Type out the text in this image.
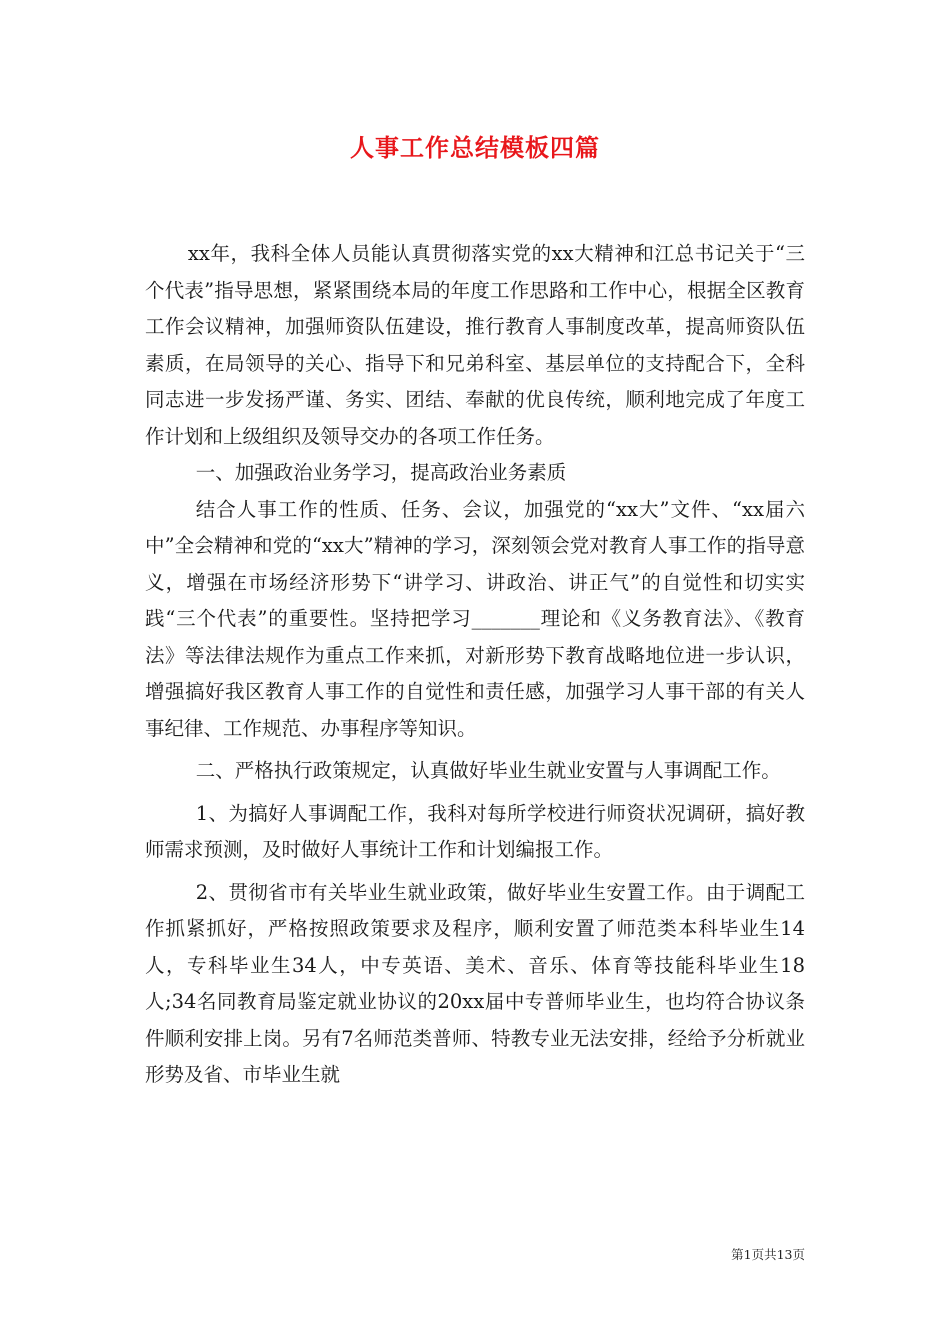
人事工作总结模板四篇

xx年，我科全体人员能认真贯彻落实党的xx大精神和江总书记关于“三个代表”指导思想，紧紧围绕本局的年度工作思路和工作中心，根据全区教育工作会议精神，加强师资队伍建设，推行教育人事制度改革，提高师资队伍素质，在局领导的关心、指导下和兄弟科室、基层单位的支持配合下，全科同志进一步发扬严谨、务实、团结、奉献的优良传统，顺利地完成了年度工作计划和上级组织及领导交办的各项工作任务。

一、加强政治业务学习，提高政治业务素质

结合人事工作的性质、任务、会议，加强党的“xx大”文件、“xx届六中”全会精神和党的“xx大”精神的学习，深刻领会党对教育人事工作的指导意义，增强在市场经济形势下“讲学习、讲政治、讲正气”的自觉性和切实实践“三个代表”的重要性。坚持把学习_______理论和《义务教育法》、《教育法》等法律法规作为重点工作来抓，对新形势下教育战略地位进一步认识，增强搞好我区教育人事工作的自觉性和责任感，加强学习人事干部的有关人事纪律、工作规范、办事程序等知识。

二、严格执行政策规定，认真做好毕业生就业安置与人事调配工作。

1、为搞好人事调配工作，我科对每所学校进行师资状况调研，搞好教师需求预测，及时做好人事统计工作和计划编报工作。

2、贯彻省市有关毕业生就业政策，做好毕业生安置工作。由于调配工作抓紧抓好，严格按照政策要求及程序，顺利安置了师范类本科毕业生14人，专科毕业生34人，中专英语、美术、音乐、体育等技能科毕业生18人;34名同教育局鉴定就业协议的20xx届中专普师毕业生，也均符合协议条件顺利安排上岗。另有7名师范类普师、特教专业无法安排，经给予分析就业形势及省、市毕业生就

第1页共13页
